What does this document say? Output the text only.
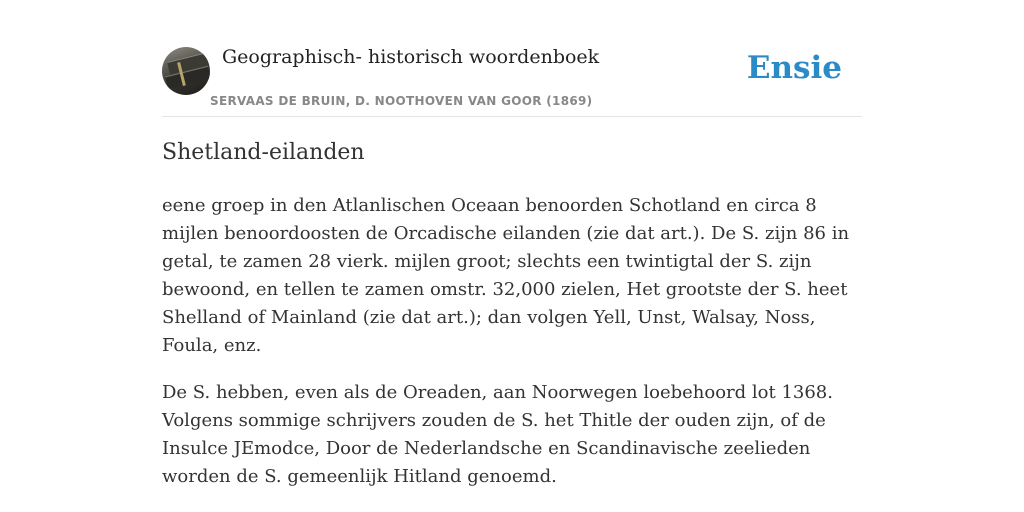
Geographisch- historisch woordenboek
SERVAAS DE BRUIN, D. NOOTHOVEN VAN GOOR (1869)
Ensie
Shetland-eilanden

eene groep in den Atlanlischen Oceaan benoorden Schotland en circa 8 mijlen benoordoosten de Orcadische eilanden (zie dat art.). De S. zijn 86 in getal, te zamen 28 vierk. mijlen groot; slechts een twintigtal der S. zijn bewoond, en tellen te zamen omstr. 32,000 zielen, Het grootste der S. heet Shelland of Mainland (zie dat art.); dan volgen Yell, Unst, Walsay, Noss, Foula, enz.

De S. hebben, even als de Oreaden, aan Noorwegen loebehoord lot 1368. Volgens sommige schrijvers zouden de S. het Thitle der ouden zijn, of de Insulce JEmodce, Door de Nederlandsche en Scandinavische zeelieden worden de S. gemeenlijk Hitland genoemd.
